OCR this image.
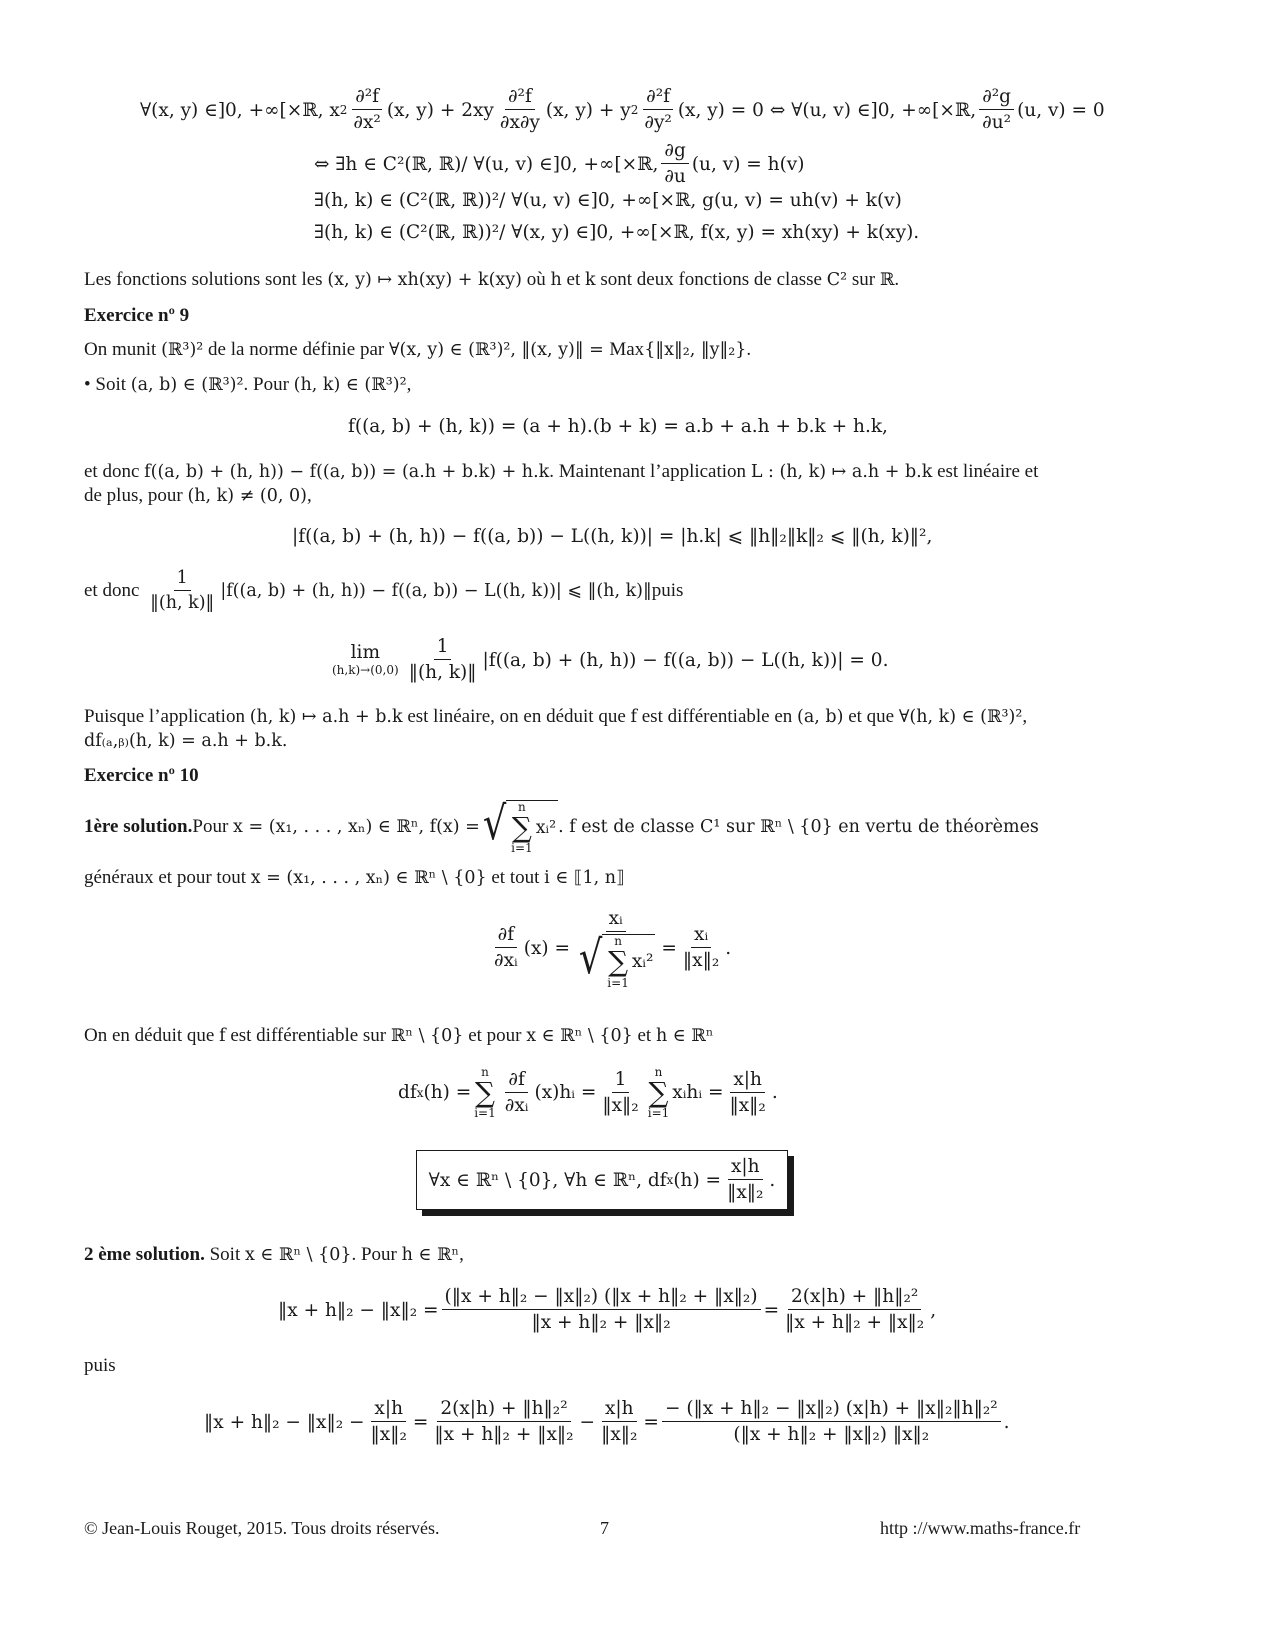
∀(x, y) ∈]0, +∞[×ℝ, x $2 \frac{\text{∂²f}}{\text{∂x²}} (x$, y)
+ $2xy \frac{\text{∂²f}}{\partial x\partial y} (x$, y)
+ y $2 \frac{\text{∂²f}}{\text{∂y²}} (x$, y)
= 0 ⇔ ∀(u, v) ∈]0, +∞[×ℝ, $\frac{\text{∂²g}}{\text{∂u²}} (u$, v) = 0
⇔ ∃h ∈ C²(ℝ, ℝ)/ ∀(u, v) ∈]0, +∞[×ℝ, $\frac{\partial g}{\partial u} (u$, v) = h(v)
∃(h, k) ∈ (C²(ℝ, ℝ))²/ ∀(u, v) ∈]0, +∞[×ℝ, g(u, v) = uh(v) + k(v)
∃(h, k) ∈ (C²(ℝ, ℝ))²/ ∀(x, y) ∈]0, +∞[×ℝ, f(x, y) = xh(xy) + k(xy).
Les fonctions solutions sont les (x, y) ↦ xh(xy) + k(xy) où h et k sont deux fonctions de classe C² sur ℝ.
Exercice nº 9
On munit (ℝ³)² de la norme définie par ∀(x, y) ∈ (ℝ³)², ‖(x, y)‖ = Max{‖x‖₂, ‖y‖₂}.
• Soit (a, b) ∈ (ℝ³)². Pour (h, k) ∈ (ℝ³)²,
f((a, b) + (h, k)) = (a + h).(b + k) = a.b + a.h + b.k + h.k,
et donc f((a, b) + (h, h)) − f((a, b)) = (a.h + b.k) + h.k. Maintenant l’application L : (h, k) ↦ a.h + b.k est linéaire et
de plus, pour (h, k) ≠ (0, 0),
|f((a, b) + (h, h)) − f((a, b)) − L((h, k))| = |h.k| ⩽ ‖h‖₂‖k‖₂ ⩽ ‖(h, k)‖²,
et donc
$\frac{1}{‖(h, k)‖} |f((a$, b) + (h, h)) − f((a, b)) − L((h, k))| ⩽ ‖(h, k)‖ puis
lim
$(h,k)\to(0,0) \frac{1}{‖(h, k)‖} |f((a$, b) + (h, h)) − f((a, b)) − L((h, k))| = 0.
Puisque l’application (h, k) ↦ a.h + b.k est linéaire, on en déduit que f est différentiable en (a, b) et que ∀(h, k) ∈ (ℝ³)²,
df₍ₐ,ᵦ₎(h, k) = a.h + b.k.
Exercice nº 10
1ère solution. Pour
x = (x₁, . . . , xₙ) ∈ ℝⁿ, f(x) = √ n
∑
i=1
xᵢ² . f est de classe C¹ sur ℝⁿ \ {0} en vertu de théorèmes
généraux et pour tout x = (x₁, . . . , xₙ) ∈ ℝⁿ \ {0} et tout i ∈ ⟦1, n⟧
$\frac{\partial f}{\text{∂xᵢ}} (x)$ = xᵢ
√ n
∑
i=1
xᵢ² = $\frac{\text{xᵢ}}{\text{‖x‖₂}}$ .
On en déduit que f est différentiable sur ℝⁿ \ {0} et pour x ∈ ℝⁿ \ {0} et h ∈ ℝⁿ
df x (h) =
n
∑
$i=1 \frac{\partial f}{\text{∂xᵢ}}$ (x)hᵢ = $\frac{1}{\text{‖x‖₂}}$ n
∑
i=1
xᵢhᵢ = $\frac{x|h}{\text{‖x‖₂}}$ .
∀x ∈ ℝⁿ \ {0}, ∀h ∈ ℝⁿ, df x $(h) = \frac{x|h}{\text{‖x‖₂}}$ .
2 ème solution. Soit x ∈ ℝⁿ \ {0}. Pour h ∈ ℝⁿ,
‖x + h‖₂ − ‖x‖₂ = $\frac{\text{(‖x + h‖₂ − ‖x‖₂) (‖x + h‖₂ + ‖x‖₂)}}{\text{‖x + h‖₂ + ‖x‖₂}} = \frac{\text{2(x|h) + ‖h‖₂²}}{\text{‖x + h‖₂ + ‖x‖₂}}$ ,
puis
‖x + h‖₂ − ‖x‖₂ − $\frac{x|h}{\text{‖x‖₂}} = \frac{\text{2(x|h) + ‖h‖₂²}}{\text{‖x + h‖₂ + ‖x‖₂}} - \frac{x|h}{\text{‖x‖₂}} = \frac{\text{− (‖x + h‖₂ − ‖x‖₂) (x|h) + ‖x‖₂‖h‖₂²}}{\text{(‖x + h‖₂ + ‖x‖₂) ‖x‖₂}}$ .
© Jean-Louis Rouget, 2015. Tous droits réservés.	7	http ://www.maths-france.fr
